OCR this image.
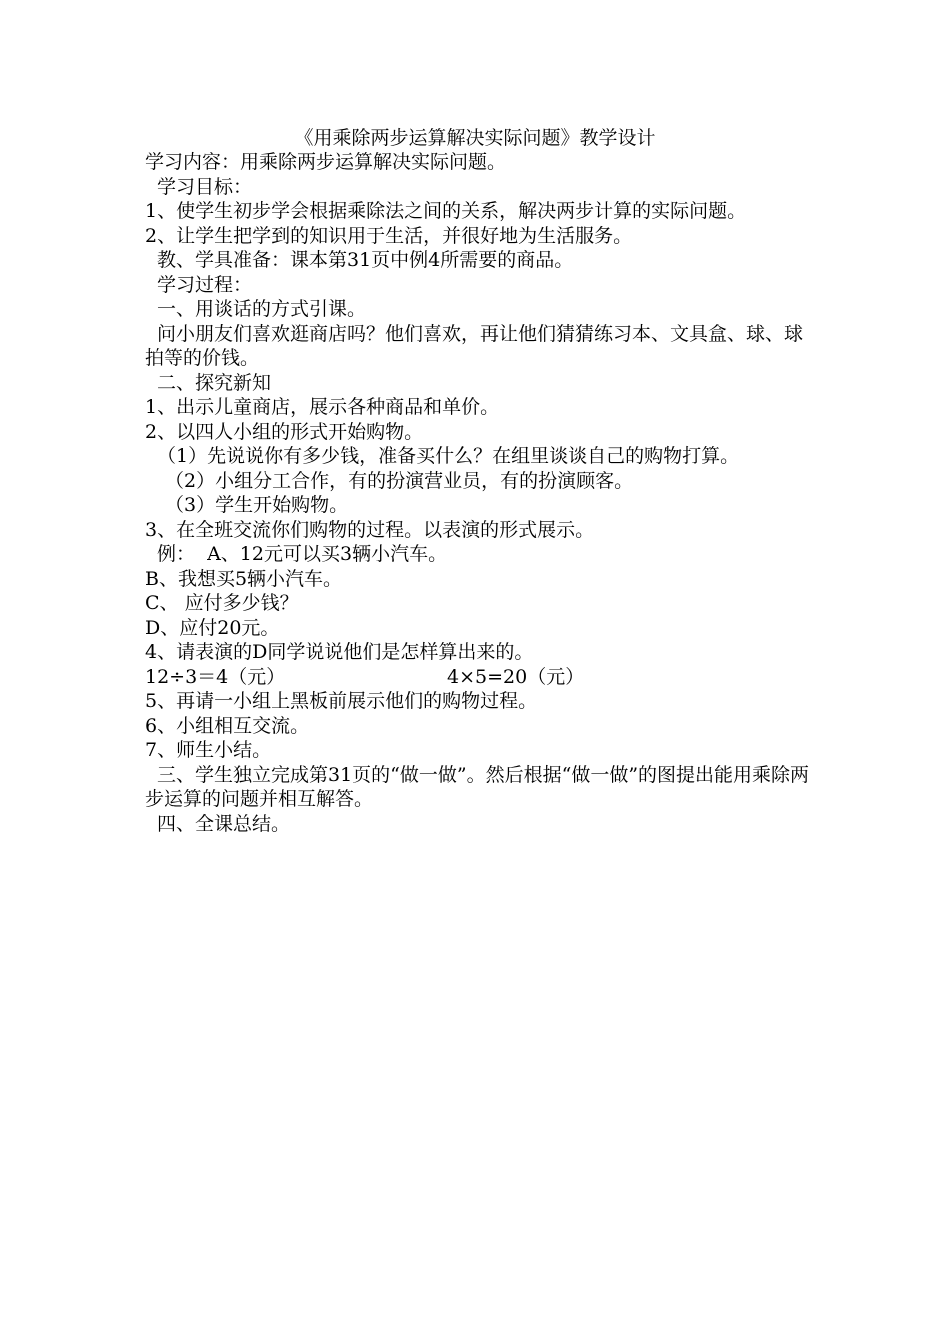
《用乘除两步运算解决实际问题》教学设计

学习内容：用乘除两步运算解决实际问题。

学习目标：

1、使学生初步学会根据乘除法之间的关系，解决两步计算的实际问题。

2、让学生把学到的知识用于生活，并很好地为生活服务。

教、学具准备：课本第31页中例4所需要的商品。

学习过程：

一、用谈话的方式引课。

问小朋友们喜欢逛商店吗？他们喜欢，再让他们猜猜练习本、文具盒、球、球拍等的价钱。

二、探究新知

1、出示儿童商店，展示各种商品和单价。

2、以四人小组的形式开始购物。

（1）先说说你有多少钱，准备买什么？在组里谈谈自己的购物打算。

（2）小组分工合作，有的扮演营业员，有的扮演顾客。

（3）学生开始购物。

3、在全班交流你们购物的过程。以表演的形式展示。

例：  A、12元可以买3辆小汽车。

B、我想买5辆小汽车。

C、 应付多少钱？

D、应付20元。

4、请表演的D同学说说他们是怎样算出来的。

12÷3＝4（元）	4×5=20（元）

5、再请一小组上黑板前展示他们的购物过程。

6、小组相互交流。

7、师生小结。

三、学生独立完成第31页的“做一做”。然后根据“做一做”的图提出能用乘除两步运算的问题并相互解答。

四、全课总结。
